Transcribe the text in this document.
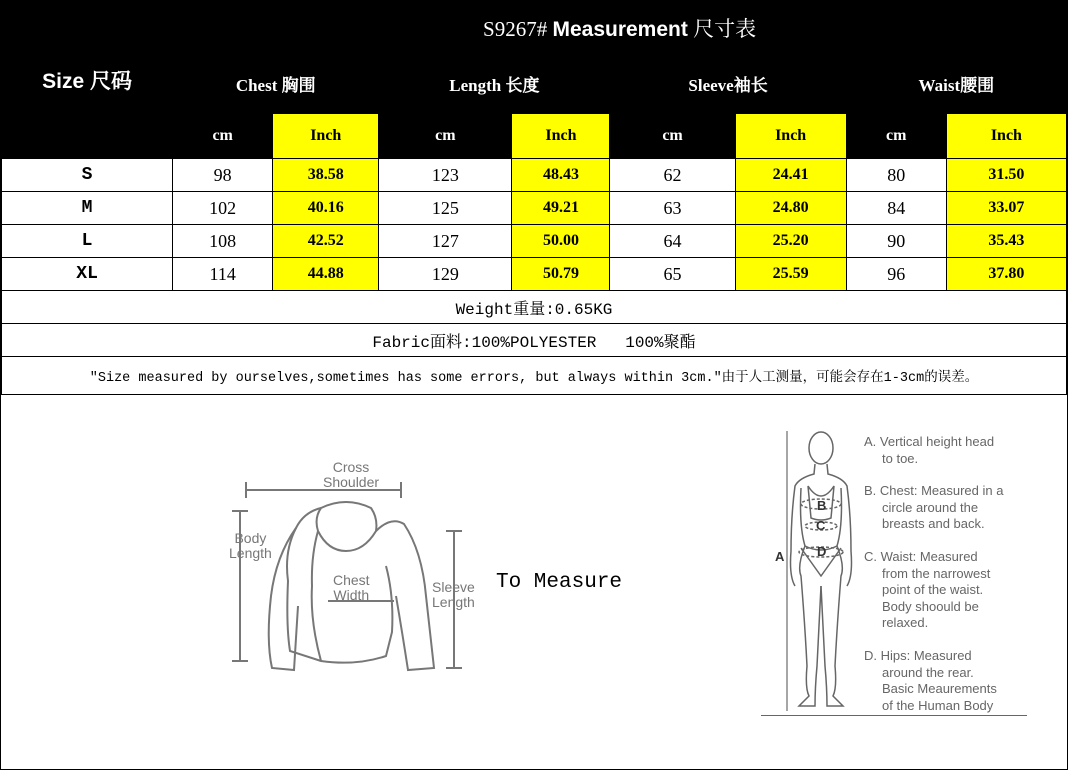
Size 尺码	S9267# Measurement 尺寸表							
	Chest 胸围		Length 长度		Sleeve袖长		Waist腰围	
	cm	Inch	cm	Inch	cm	Inch	cm	Inch
S	98	38.58	123	48.43	62	24.41	80	31.50
M	102	40.16	125	49.21	63	24.80	84	33.07
L	108	42.52	127	50.00	64	25.20	90	35.43
XL	114	44.88	129	50.79	65	25.59	96	37.80
Weight重量:0.65KG								
Fabric面料:100%POLYESTER   100%聚酯								
"Size measured by ourselves,sometimes has some errors, but always within 3cm."由于人工测量，可能会存在1-3cm的误差。								
Cross
Shoulder
Body
Length
Chest
Width	Sleeve
Length
To Measure
A
B
C
D
A. Vertical height head
to toe.
B. Chest: Measured in a
circle around the
breasts and back.
C. Waist: Measured
from the narrowest
point of the waist.
Body shoould be
relaxed.
D. Hips: Measured
around the rear.
Basic Meaurements
of the Human Body
